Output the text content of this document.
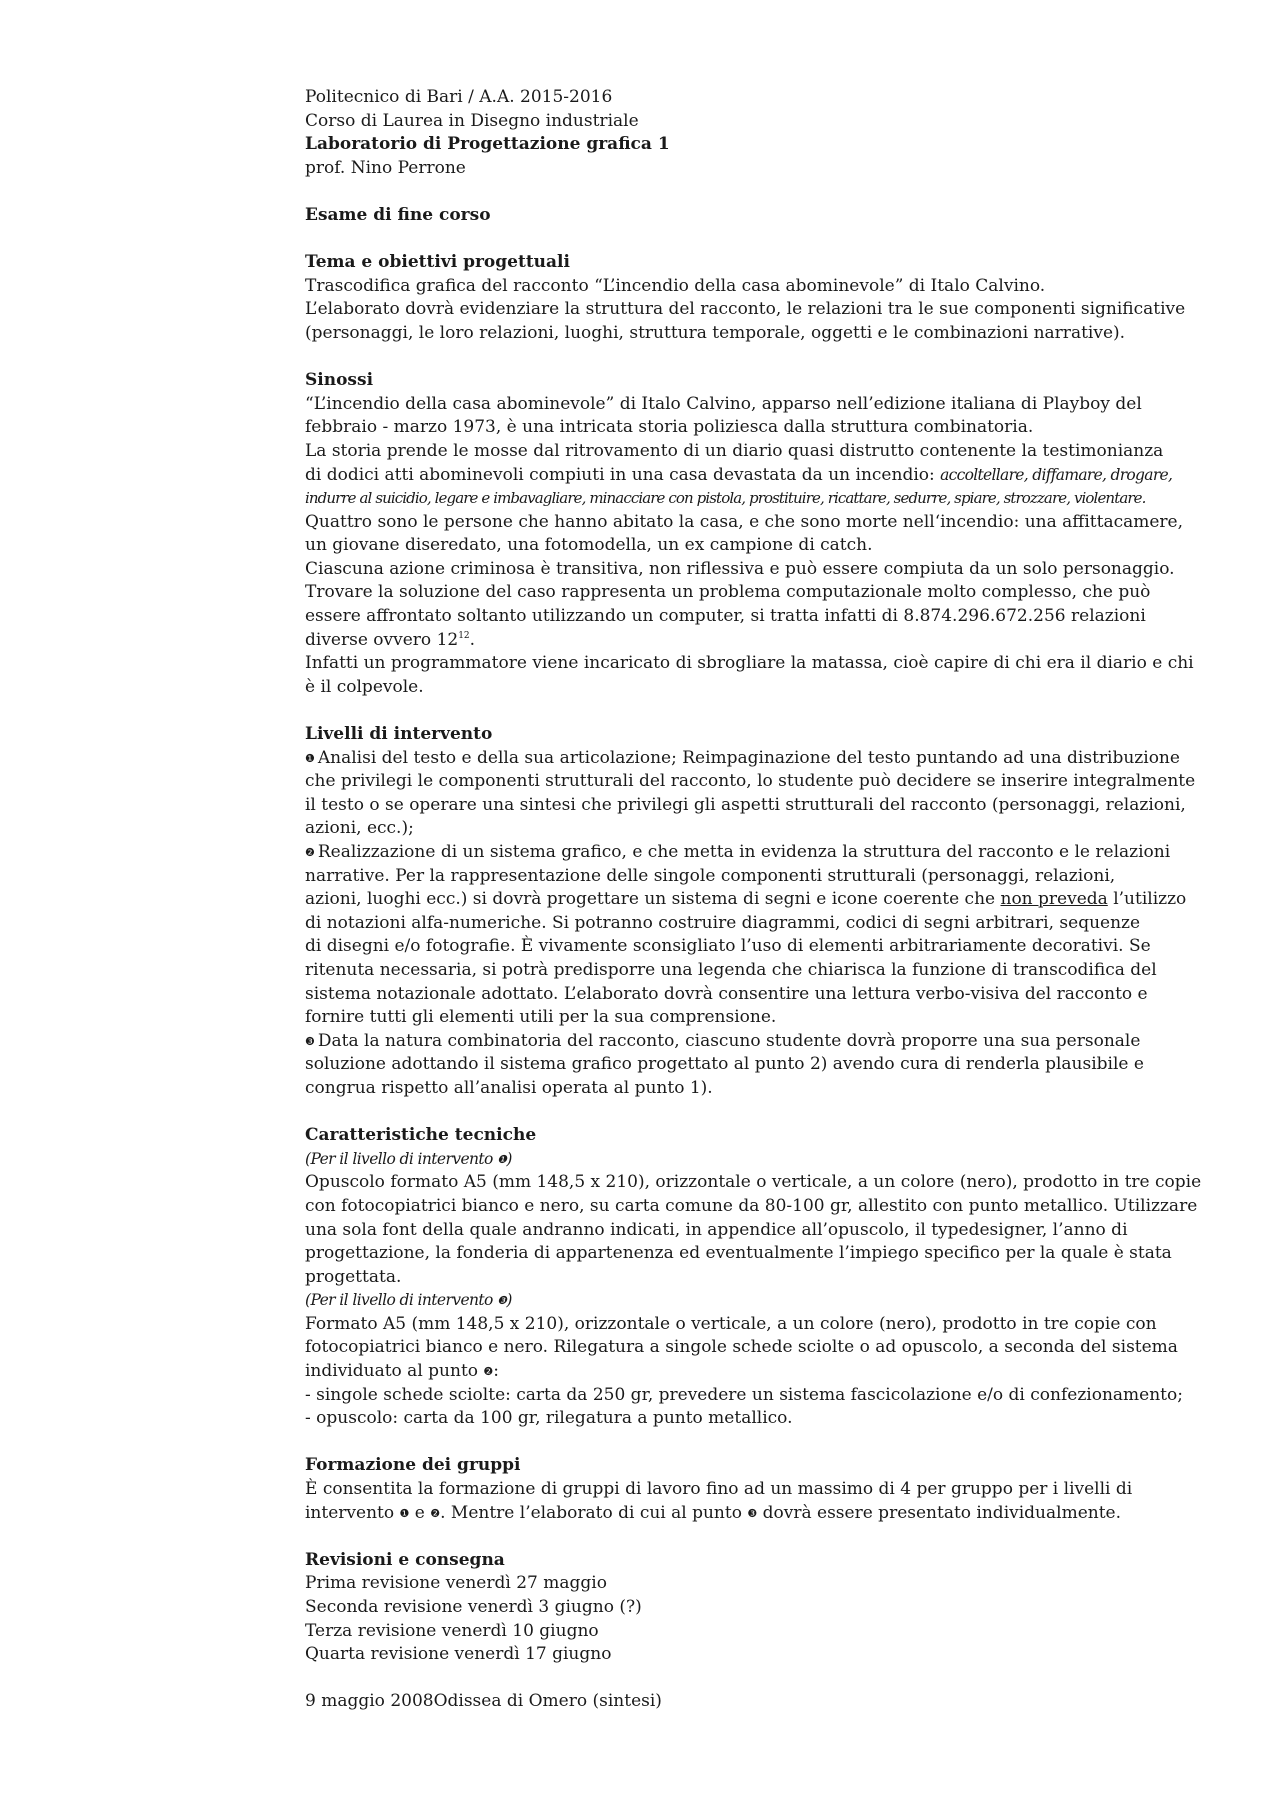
Politecnico di Bari / A.A. 2015-2016
Corso di Laurea in Disegno industriale
Laboratorio di Progettazione grafica 1
prof. Nino Perrone
Esame di fine corso
Tema e obiettivi progettuali
Trascodifica grafica del racconto “L’incendio della casa abominevole” di Italo Calvino.
L’elaborato dovrà evidenziare la struttura del racconto, le relazioni tra le sue componenti significative
(personaggi, le loro relazioni, luoghi, struttura temporale, oggetti e le combinazioni narrative).
Sinossi
“L’incendio della casa abominevole” di Italo Calvino, apparso nell’edizione italiana di Playboy del
febbraio - marzo 1973, è una intricata storia poliziesca dalla struttura combinatoria.
La storia prende le mosse dal ritrovamento di un diario quasi distrutto contenente la testimonianza
di dodici atti abominevoli compiuti in una casa devastata da un incendio: accoltellare, diffamare, drogare,
indurre al suicidio, legare e imbavagliare, minacciare con pistola, prostituire, ricattare, sedurre, spiare, strozzare, violentare.
Quattro sono le persone che hanno abitato la casa, e che sono morte nell‘incendio: una affittacamere,
un giovane diseredato, una fotomodella, un ex campione di catch.
Ciascuna azione criminosa è transitiva, non riflessiva e può essere compiuta da un solo personaggio.
Trovare la soluzione del caso rappresenta un problema computazionale molto complesso, che può
essere affrontato soltanto utilizzando un computer, si tratta infatti di 8.874.296.672.256 relazioni
diverse ovvero $12^{12}$.
Infatti un programmatore viene incaricato di sbrogliare la matassa, cioè capire di chi era il diario e chi
è il colpevole.
Livelli di intervento
❶ Analisi del testo e della sua articolazione; Reimpaginazione del testo puntando ad una distribuzione
che privilegi le componenti strutturali del racconto, lo studente può decidere se inserire integralmente
il testo o se operare una sintesi che privilegi gli aspetti strutturali del racconto (personaggi, relazioni,
azioni, ecc.);
❷ Realizzazione di un sistema grafico, e che metta in evidenza la struttura del racconto e le relazioni
narrative. Per la rappresentazione delle singole componenti strutturali (personaggi, relazioni,
azioni, luoghi ecc.) si dovrà progettare un sistema di segni e icone coerente che non preveda l’utilizzo
di notazioni alfa-numeriche. Si potranno costruire diagrammi, codici di segni arbitrari, sequenze
di disegni e/o fotografie. È vivamente sconsigliato l’uso di elementi arbitrariamente decorativi. Se
ritenuta necessaria, si potrà predisporre una legenda che chiarisca la funzione di transcodifica del
sistema notazionale adottato. L’elaborato dovrà consentire una lettura verbo-visiva del racconto e
fornire tutti gli elementi utili per la sua comprensione.
❸ Data la natura combinatoria del racconto, ciascuno studente dovrà proporre una sua personale
soluzione adottando il sistema grafico progettato al punto 2) avendo cura di renderla plausibile e
congrua rispetto all’analisi operata al punto 1).
Caratteristiche tecniche
(Per il livello di intervento ❶)
Opuscolo formato A5 (mm 148,5 x 210), orizzontale o verticale, a un colore (nero), prodotto in tre copie
con fotocopiatrici bianco e nero, su carta comune da 80-100 gr, allestito con punto metallico. Utilizzare
una sola font della quale andranno indicati, in appendice all’opuscolo, il typedesigner, l’anno di
progettazione, la fonderia di appartenenza ed eventualmente l’impiego specifico per la quale è stata
progettata.
(Per il livello di intervento ❸)
Formato A5 (mm 148,5 x 210), orizzontale o verticale, a un colore (nero), prodotto in tre copie con
fotocopiatrici bianco e nero. Rilegatura a singole schede sciolte o ad opuscolo, a seconda del sistema
individuato al punto ❷:
- singole schede sciolte: carta da 250 gr, prevedere un sistema fascicolazione e/o di confezionamento;
- opuscolo: carta da 100 gr, rilegatura a punto metallico.
Formazione dei gruppi
È consentita la formazione di gruppi di lavoro fino ad un massimo di 4 per gruppo per i livelli di
intervento ❶ e ❷. Mentre l’elaborato di cui al punto ❸ dovrà essere presentato individualmente.
Revisioni e consegna
Prima revisione venerdì 27 maggio
Seconda revisione venerdì 3 giugno (?)
Terza revisione venerdì 10 giugno
Quarta revisione venerdì 17 giugno
9 maggio 2008Odissea di Omero (sintesi)
